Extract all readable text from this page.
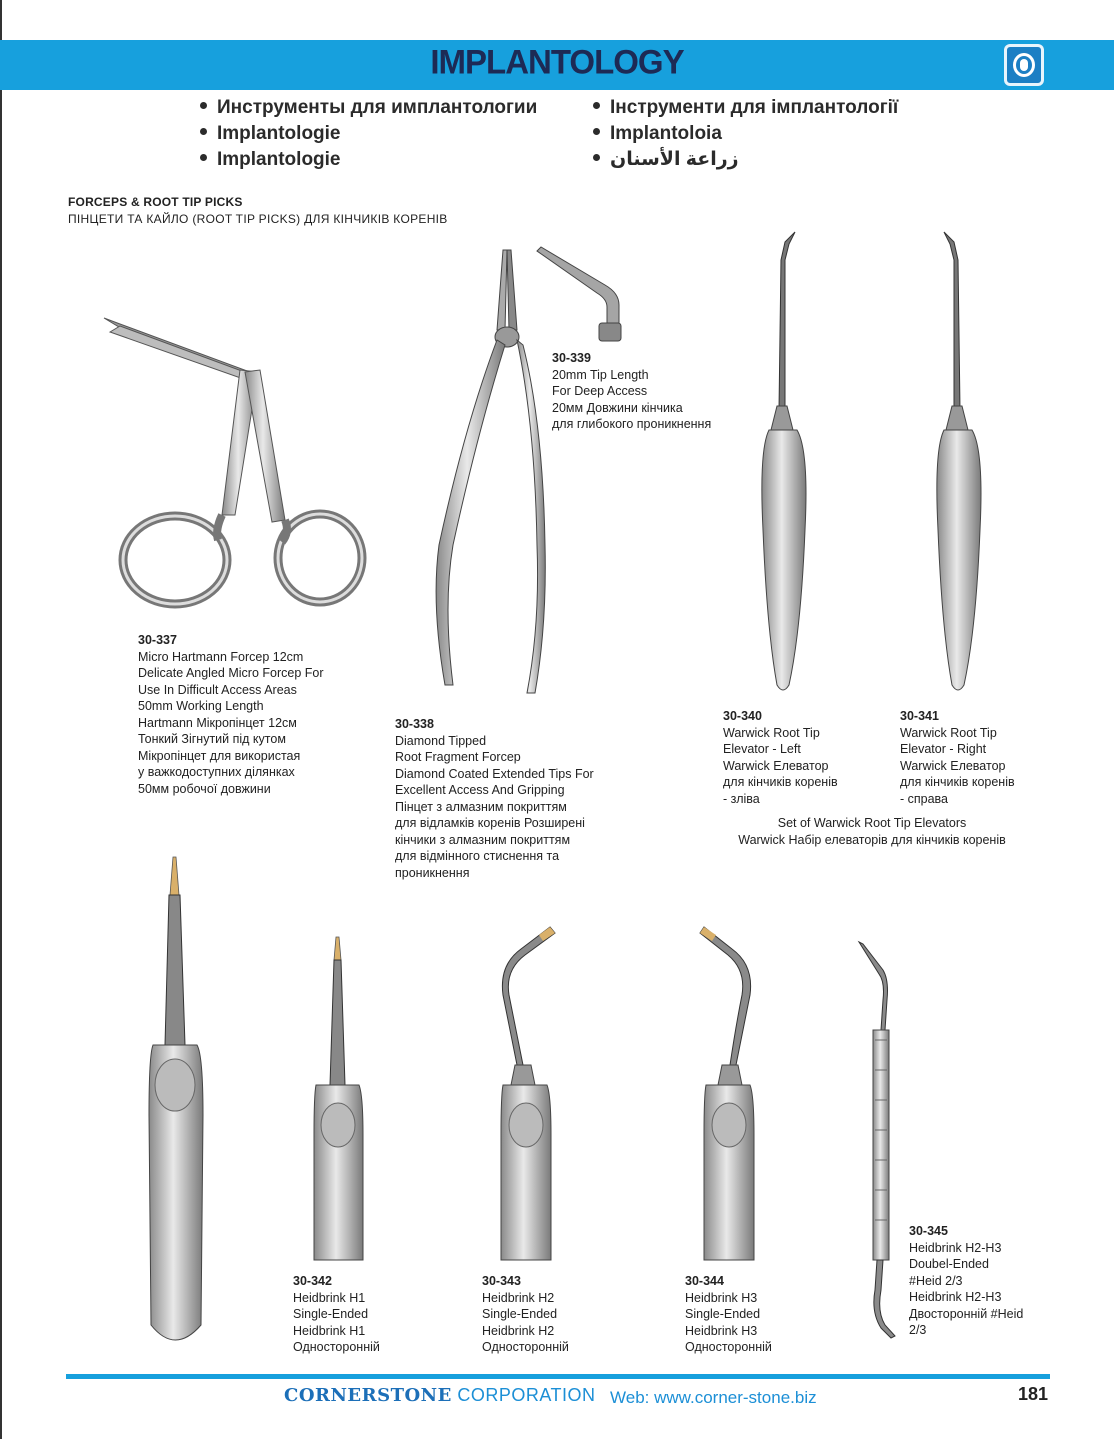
IMPLANTOLOGY
Инструменты для имплантологии
Implantologie
Implantologie
Інструменти для імплантології
Implantoloia
زراعة الأسنان
FORCEPS & ROOT TIP PICKS
ПІНЦЕТИ ТА КАЙЛО (ROOT TIP PICKS) ДЛЯ КІНЧИКІВ КОРЕНІВ
30-339
20mm Tip Length
For Deep Access
20мм Довжини кінчика
для глибокого проникнення
30-337
Micro Hartmann Forcep 12cm
Delicate Angled Micro Forcep For
Use In Difficult Access Areas
50mm Working Length
Hartmann Мікропінцет 12см
Тонкий Зігнутий під кутом
Мікропінцет для використая
у важкодоступних ділянках
50мм робочої довжини
30-338
Diamond Tipped
Root Fragment Forcep
Diamond Coated Extended Tips For
Excellent Access And Gripping
Пінцет з алмазним покриттям
для відламків коренів Розширені
кінчики з алмазним покриттям
для відмінного стиснення та
проникнення
30-340
Warwick Root Tip
Elevator - Left
Warwick Елеватор
для кінчиків коренів
- зліва
30-341
Warwick Root Tip
Elevator - Right
Warwick Елеватор
для кінчиків коренів
- справа
Set of Warwick Root Tip Elevators
Warwick Набір елеваторів для кінчиків коренів
30-342
Heidbrink H1
Single-Ended
Heidbrink H1
Односторонній
30-343
Heidbrink H2
Single-Ended
Heidbrink H2
Односторонній
30-344
Heidbrink H3
Single-Ended
Heidbrink H3
Односторонній
30-345
Heidbrink H2-H3
Doubel-Ended
#Heid 2/3
Heidbrink H2-H3
Двосторонній #Heid
2/3
CORNERSTONE CORPORATION Web: www.corner-stone.biz	181
